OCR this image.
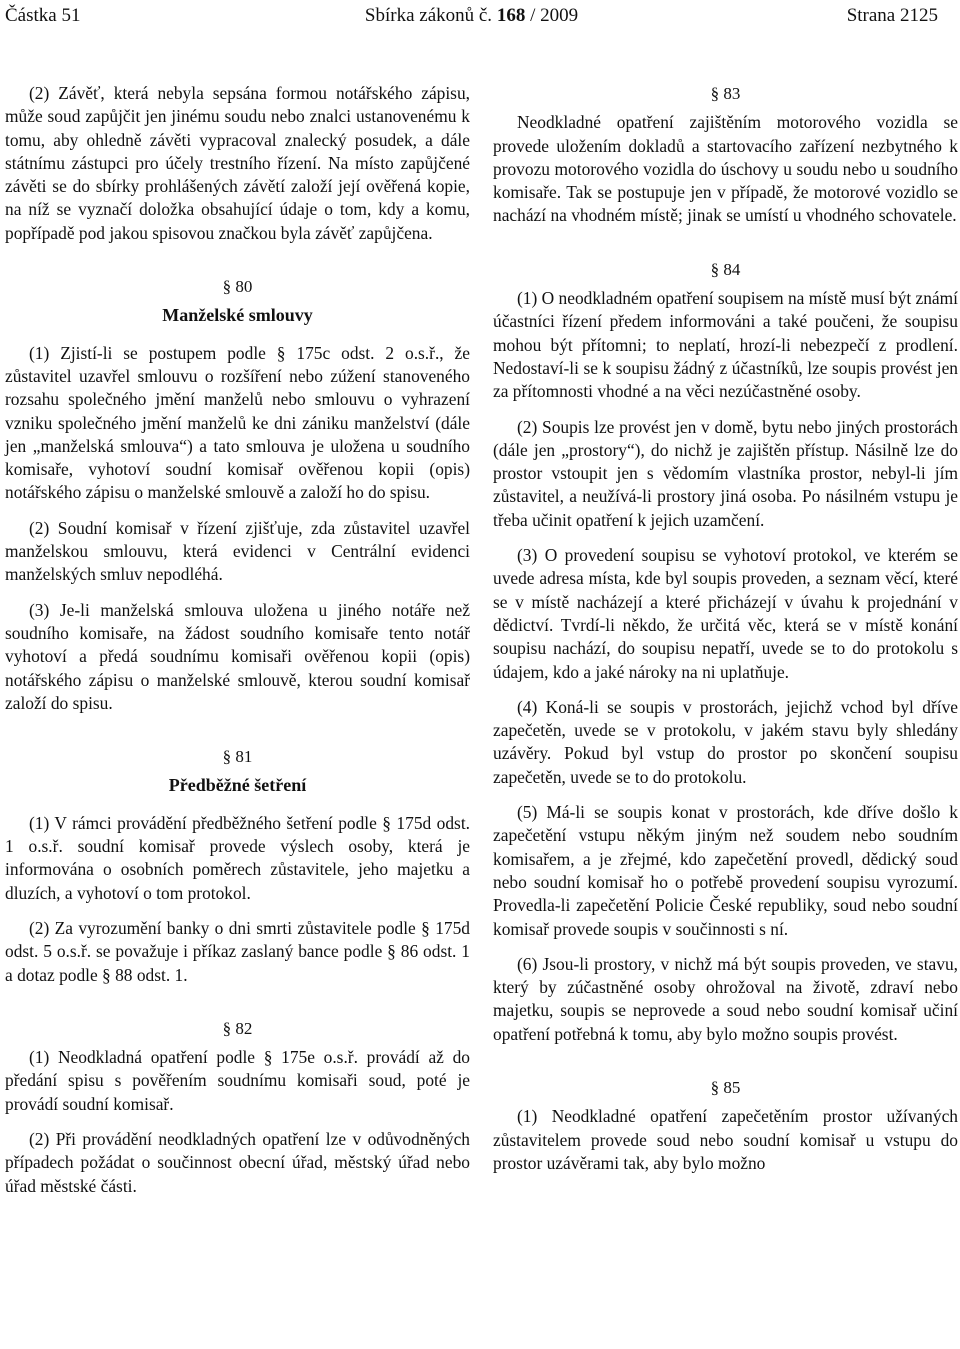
Částka 51	Sbírka zákonů č. 168 / 2009	Strana 2125

(2) Závěť, která nebyla sepsána formou notářského zápisu, může soud zapůjčit jen jinému soudu nebo znalci ustanovenému k tomu, aby ohledně závěti vypracoval znalecký posudek, a dále státnímu zástupci pro účely trestního řízení. Na místo zapůjčené závěti se do sbírky prohlášených závětí založí její ověřená kopie, na níž se vyznačí doložka obsahující údaje o tom, kdy a komu, popřípadě pod jakou spisovou značkou byla závěť zapůjčena.

§ 80
Manželské smlouvy

(1) Zjistí-li se postupem podle § 175c odst. 2 o.s.ř., že zůstavitel uzavřel smlouvu o rozšíření nebo zúžení stanoveného rozsahu společného jmění manželů nebo smlouvu o vyhrazení vzniku společného jmění manželů ke dni zániku manželství (dále jen „manželská smlouva“) a tato smlouva je uložena u soudního komisaře, vyhotoví soudní komisař ověřenou kopii (opis) notářského zápisu o manželské smlouvě a založí ho do spisu.

(2) Soudní komisař v řízení zjišťuje, zda zůstavitel uzavřel manželskou smlouvu, která evidenci v Centrální evidenci manželských smluv nepodléhá.

(3) Je-li manželská smlouva uložena u jiného notáře než soudního komisaře, na žádost soudního komisaře tento notář vyhotoví a předá soudnímu komisaři ověřenou kopii (opis) notářského zápisu o manželské smlouvě, kterou soudní komisař založí do spisu.

§ 81
Předběžné šetření

(1) V rámci provádění předběžného šetření podle § 175d odst. 1 o.s.ř. soudní komisař provede výslech osoby, která je informována o osobních poměrech zůstavitele, jeho majetku a dluzích, a vyhotoví o tom protokol.

(2) Za vyrozumění banky o dni smrti zůstavitele podle § 175d odst. 5 o.s.ř. se považuje i příkaz zaslaný bance podle § 86 odst. 1 a dotaz podle § 88 odst. 1.

§ 82

(1) Neodkladná opatření podle § 175e o.s.ř. provádí až do předání spisu s pověřením soudnímu komisaři soud, poté je provádí soudní komisař.

(2) Při provádění neodkladných opatření lze v odůvodněných případech požádat o součinnost obecní úřad, městský úřad nebo úřad městské části.

§ 83

Neodkladné opatření zajištěním motorového vozidla se provede uložením dokladů a startovacího zařízení nezbytného k provozu motorového vozidla do úschovy u soudu nebo u soudního komisaře. Tak se postupuje jen v případě, že motorové vozidlo se nachází na vhodném místě; jinak se umístí u vhodného schovatele.

§ 84

(1) O neodkladném opatření soupisem na místě musí být známí účastníci řízení předem informováni a také poučeni, že soupisu mohou být přítomni; to neplatí, hrozí-li nebezpečí z prodlení. Nedostaví-li se k soupisu žádný z účastníků, lze soupis provést jen za přítomnosti vhodné a na věci nezúčastněné osoby.

(2) Soupis lze provést jen v domě, bytu nebo jiných prostorách (dále jen „prostory“), do nichž je zajištěn přístup. Násilně lze do prostor vstoupit jen s vědomím vlastníka prostor, nebyl-li jím zůstavitel, a neužívá-li prostory jiná osoba. Po násilném vstupu je třeba učinit opatření k jejich uzamčení.

(3) O provedení soupisu se vyhotoví protokol, ve kterém se uvede adresa místa, kde byl soupis proveden, a seznam věcí, které se v místě nacházejí a které přicházejí v úvahu k projednání v dědictví. Tvrdí-li někdo, že určitá věc, která se v místě konání soupisu nachází, do soupisu nepatří, uvede se to do protokolu s údajem, kdo a jaké nároky na ni uplatňuje.

(4) Koná-li se soupis v prostorách, jejichž vchod byl dříve zapečetěn, uvede se v protokolu, v jakém stavu byly shledány uzávěry. Pokud byl vstup do prostor po skončení soupisu zapečetěn, uvede se to do protokolu.

(5) Má-li se soupis konat v prostorách, kde dříve došlo k zapečetění vstupu někým jiným než soudem nebo soudním komisařem, a je zřejmé, kdo zapečetění provedl, dědický soud nebo soudní komisař ho o potřebě provedení soupisu vyrozumí. Provedla-li zapečetění Policie České republiky, soud nebo soudní komisař provede soupis v součinnosti s ní.

(6) Jsou-li prostory, v nichž má být soupis proveden, ve stavu, který by zúčastněné osoby ohrožoval na životě, zdraví nebo majetku, soupis se neprovede a soud nebo soudní komisař učiní opatření potřebná k tomu, aby bylo možno soupis provést.

§ 85

(1) Neodkladné opatření zapečetěním prostor užívaných zůstavitelem provede soud nebo soudní komisař u vstupu do prostor uzávěrami tak, aby bylo možno
